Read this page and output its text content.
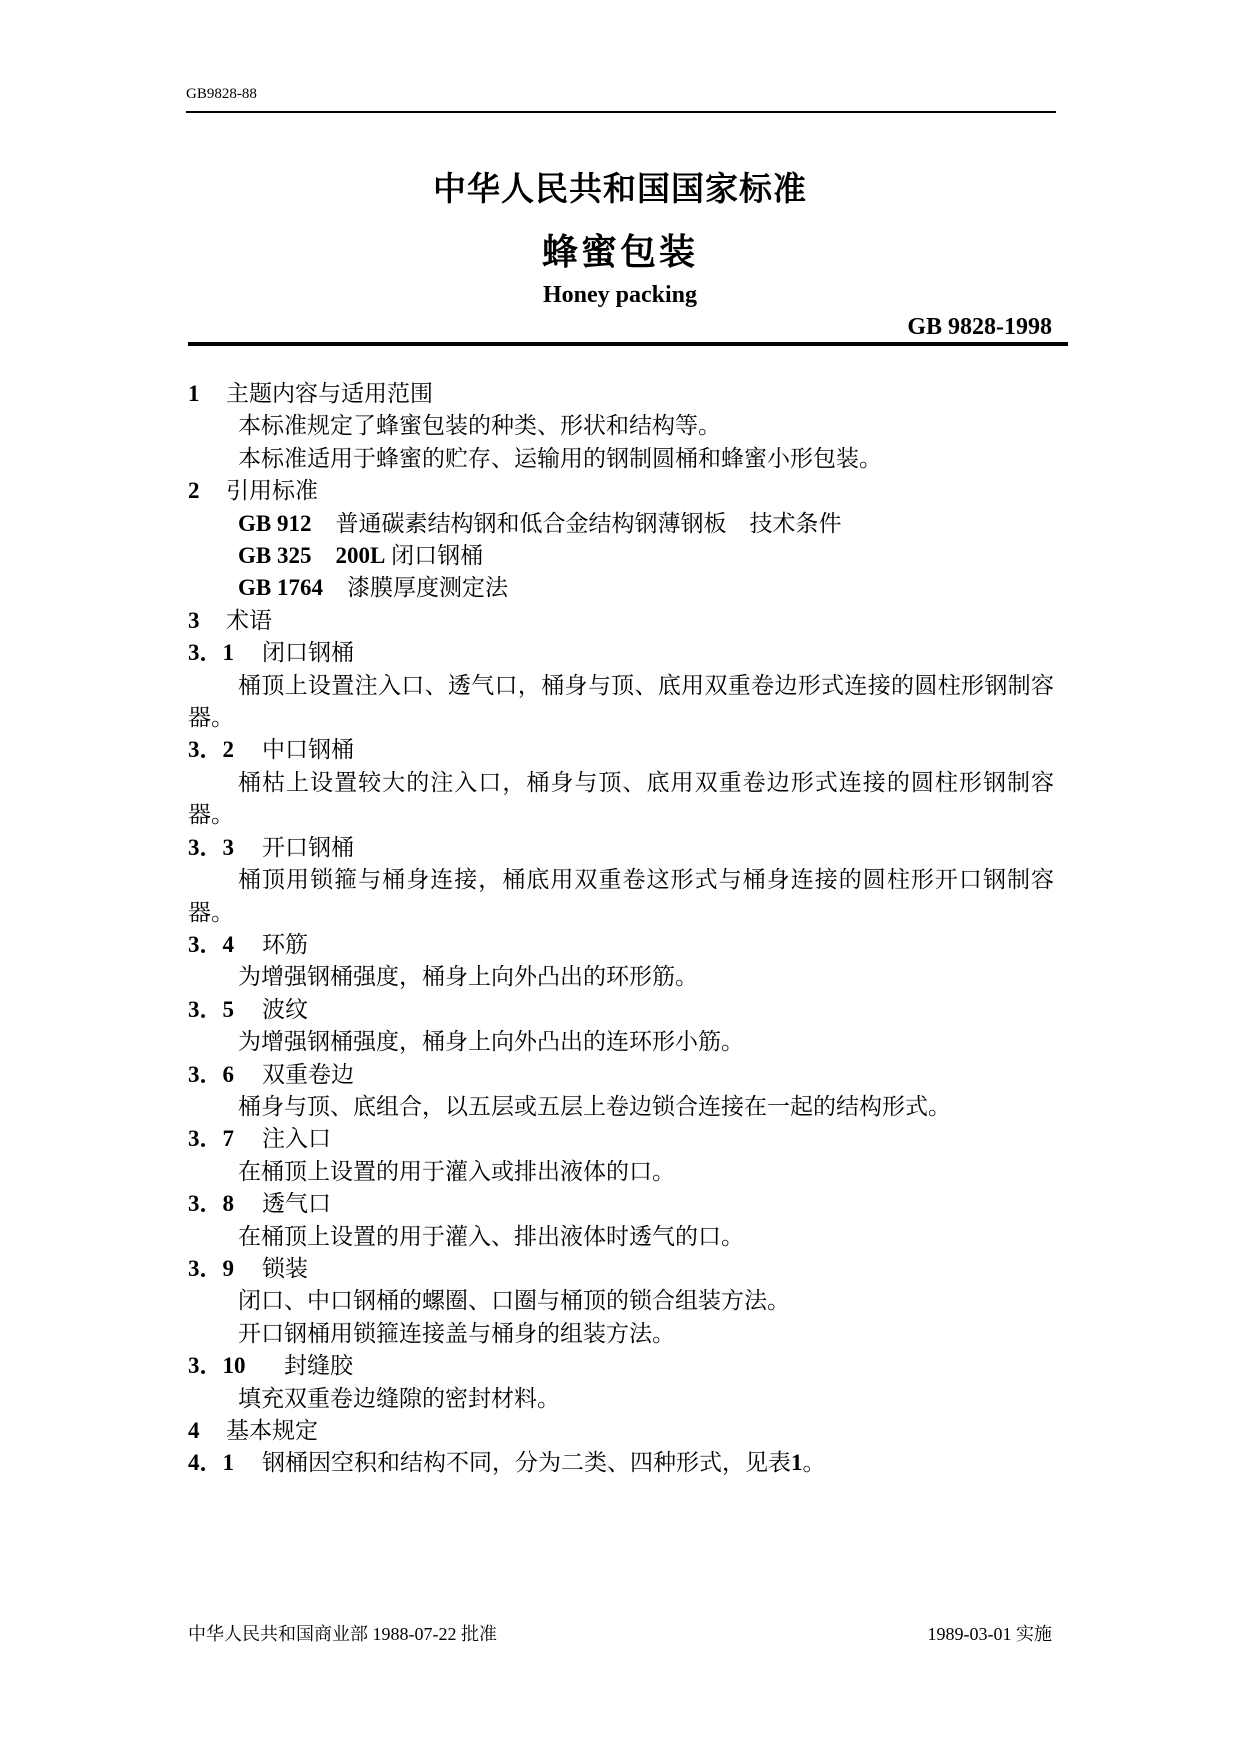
GB9828-88
中华人民共和国国家标准
蜂蜜包装
Honey packing
GB 9828-1998
1 主题内容与适用范围
本标准规定了蜂蜜包装的种类、形状和结构等。
本标准适用于蜂蜜的贮存、运输用的钢制圆桶和蜂蜜小形包装。
2 引用标准
GB 912 普通碳素结构钢和低合金结构钢薄钢板　技术条件
GB 325 200L 闭口钢桶
GB 1764 漆膜厚度测定法
3 术语
3．1 闭口钢桶
桶顶上设置注入口、透气口，桶身与顶、底用双重卷边形式连接的圆柱形钢制容器。
3．2 中口钢桶
桶枯上设置较大的注入口，桶身与顶、底用双重卷边形式连接的圆柱形钢制容器。
3．3 开口钢桶
桶顶用锁箍与桶身连接，桶底用双重卷这形式与桶身连接的圆柱形开口钢制容器。
3．4 环筋
为增强钢桶强度，桶身上向外凸出的环形筋。
3．5 波纹
为增强钢桶强度，桶身上向外凸出的连环形小筋。
3．6 双重卷边
桶身与顶、底组合，以五层或五层上卷边锁合连接在一起的结构形式。
3．7 注入口
在桶顶上设置的用于灌入或排出液体的口。
3．8 透气口
在桶顶上设置的用于灌入、排出液体时透气的口。
3．9 锁装
闭口、中口钢桶的螺圈、口圈与桶顶的锁合组装方法。
开口钢桶用锁箍连接盖与桶身的组装方法。
3．10 封缝胶
填充双重卷边缝隙的密封材料。
4 基本规定
4．1 钢桶因空积和结构不同，分为二类、四种形式，见表1。
中华人民共和国商业部 1988-07-22 批准	1989-03-01 实施
